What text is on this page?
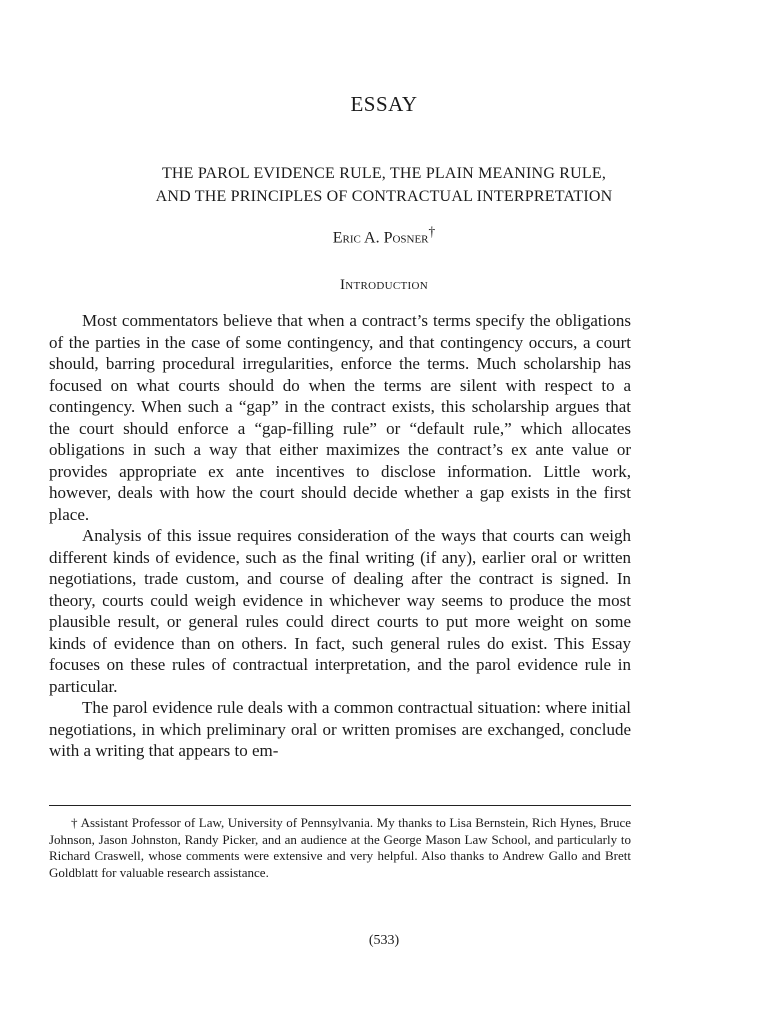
ESSAY
THE PAROL EVIDENCE RULE, THE PLAIN MEANING RULE,
AND THE PRINCIPLES OF CONTRACTUAL INTERPRETATION
Eric A. Posner†
Introduction

Most commentators believe that when a contract’s terms specify the obligations of the parties in the case of some contingency, and that contingency occurs, a court should, barring procedural irregularities, enforce the terms. Much scholarship has focused on what courts should do when the terms are silent with respect to a contingency. When such a “gap” in the contract exists, this scholarship argues that the court should enforce a “gap-filling rule” or “default rule,” which allocates obligations in such a way that either maximizes the contract’s ex ante value or provides appropriate ex ante incentives to disclose information. Little work, however, deals with how the court should decide whether a gap exists in the first place.

Analysis of this issue requires consideration of the ways that courts can weigh different kinds of evidence, such as the final writing (if any), earlier oral or written negotiations, trade custom, and course of dealing after the contract is signed. In theory, courts could weigh evidence in whichever way seems to produce the most plausible result, or general rules could direct courts to put more weight on some kinds of evidence than on others. In fact, such general rules do exist. This Essay focuses on these rules of contractual interpretation, and the parol evidence rule in particular.

The parol evidence rule deals with a common contractual situation: where initial negotiations, in which preliminary oral or written promises are exchanged, conclude with a writing that appears to em-

† Assistant Professor of Law, University of Pennsylvania. My thanks to Lisa Bernstein, Rich Hynes, Bruce Johnson, Jason Johnston, Randy Picker, and an audience at the George Mason Law School, and particularly to Richard Craswell, whose comments were extensive and very helpful. Also thanks to Andrew Gallo and Brett Goldblatt for valuable research assistance.
(533)
